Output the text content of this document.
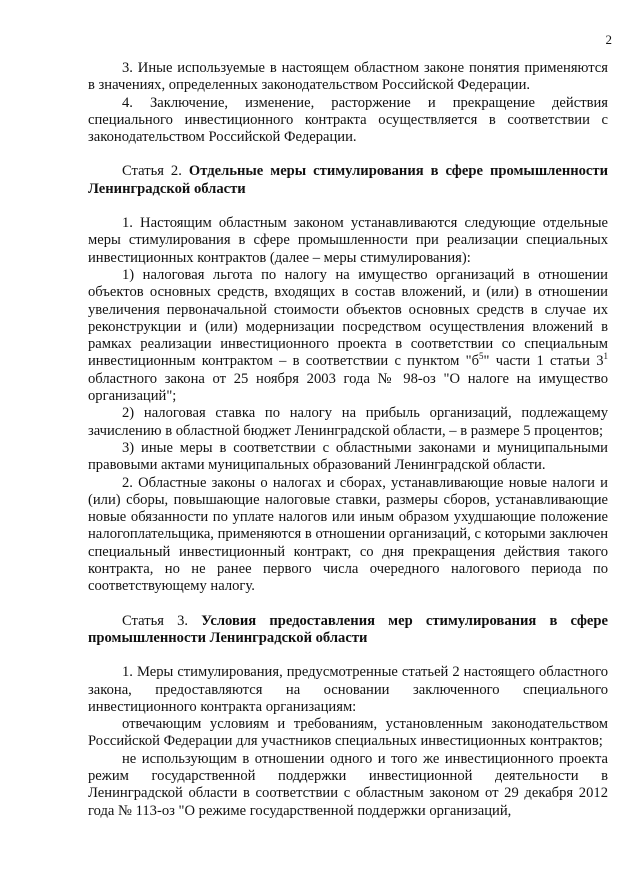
2

3. Иные используемые в настоящем областном законе понятия применяются в значениях, определенных законодательством Российской Федерации.

4. Заключение, изменение, расторжение и прекращение действия специального инвестиционного контракта осуществляется в соответствии с законодательством Российской Федерации.

Статья 2. Отдельные меры стимулирования в сфере промышленности Ленинградской области

1. Настоящим областным законом устанавливаются следующие отдельные меры стимулирования в сфере промышленности при реализации специальных инвестиционных контрактов (далее – меры стимулирования):

1) налоговая льгота по налогу на имущество организаций в отношении объектов основных средств, входящих в состав вложений, и (или) в отношении увеличения первоначальной стоимости объектов основных средств в случае их реконструкции и (или) модернизации посредством осуществления вложений в рамках реализации инвестиционного проекта в соответствии со специальным инвестиционным контрактом – в соответствии с пунктом "$б^5$" части 1 статьи $3^1$ областного закона от 25 ноября 2003 года № 98-оз "О налоге на имущество организаций";

2) налоговая ставка по налогу на прибыль организаций, подлежащему зачислению в областной бюджет Ленинградской области, – в размере 5 процентов;

3) иные меры в соответствии с областными законами и муниципальными правовыми актами муниципальных образований Ленинградской области.

2. Областные законы о налогах и сборах, устанавливающие новые налоги и (или) сборы, повышающие налоговые ставки, размеры сборов, устанавливающие новые обязанности по уплате налогов или иным образом ухудшающие положение налогоплательщика, применяются в отношении организаций, с которыми заключен специальный инвестиционный контракт, со дня прекращения действия такого контракта, но не ранее первого числа очередного налогового периода по соответствующему налогу.

Статья 3. Условия предоставления мер стимулирования в сфере промышленности Ленинградской области

1. Меры стимулирования, предусмотренные статьей 2 настоящего областного закона, предоставляются на основании заключенного специального инвестиционного контракта организациям:

отвечающим условиям и требованиям, установленным законодательством Российской Федерации для участников специальных инвестиционных контрактов;

не использующим в отношении одного и того же инвестиционного проекта режим государственной поддержки инвестиционной деятельности в Ленинградской области в соответствии с областным законом от 29 декабря 2012 года № 113-оз "О режиме государственной поддержки организаций,
